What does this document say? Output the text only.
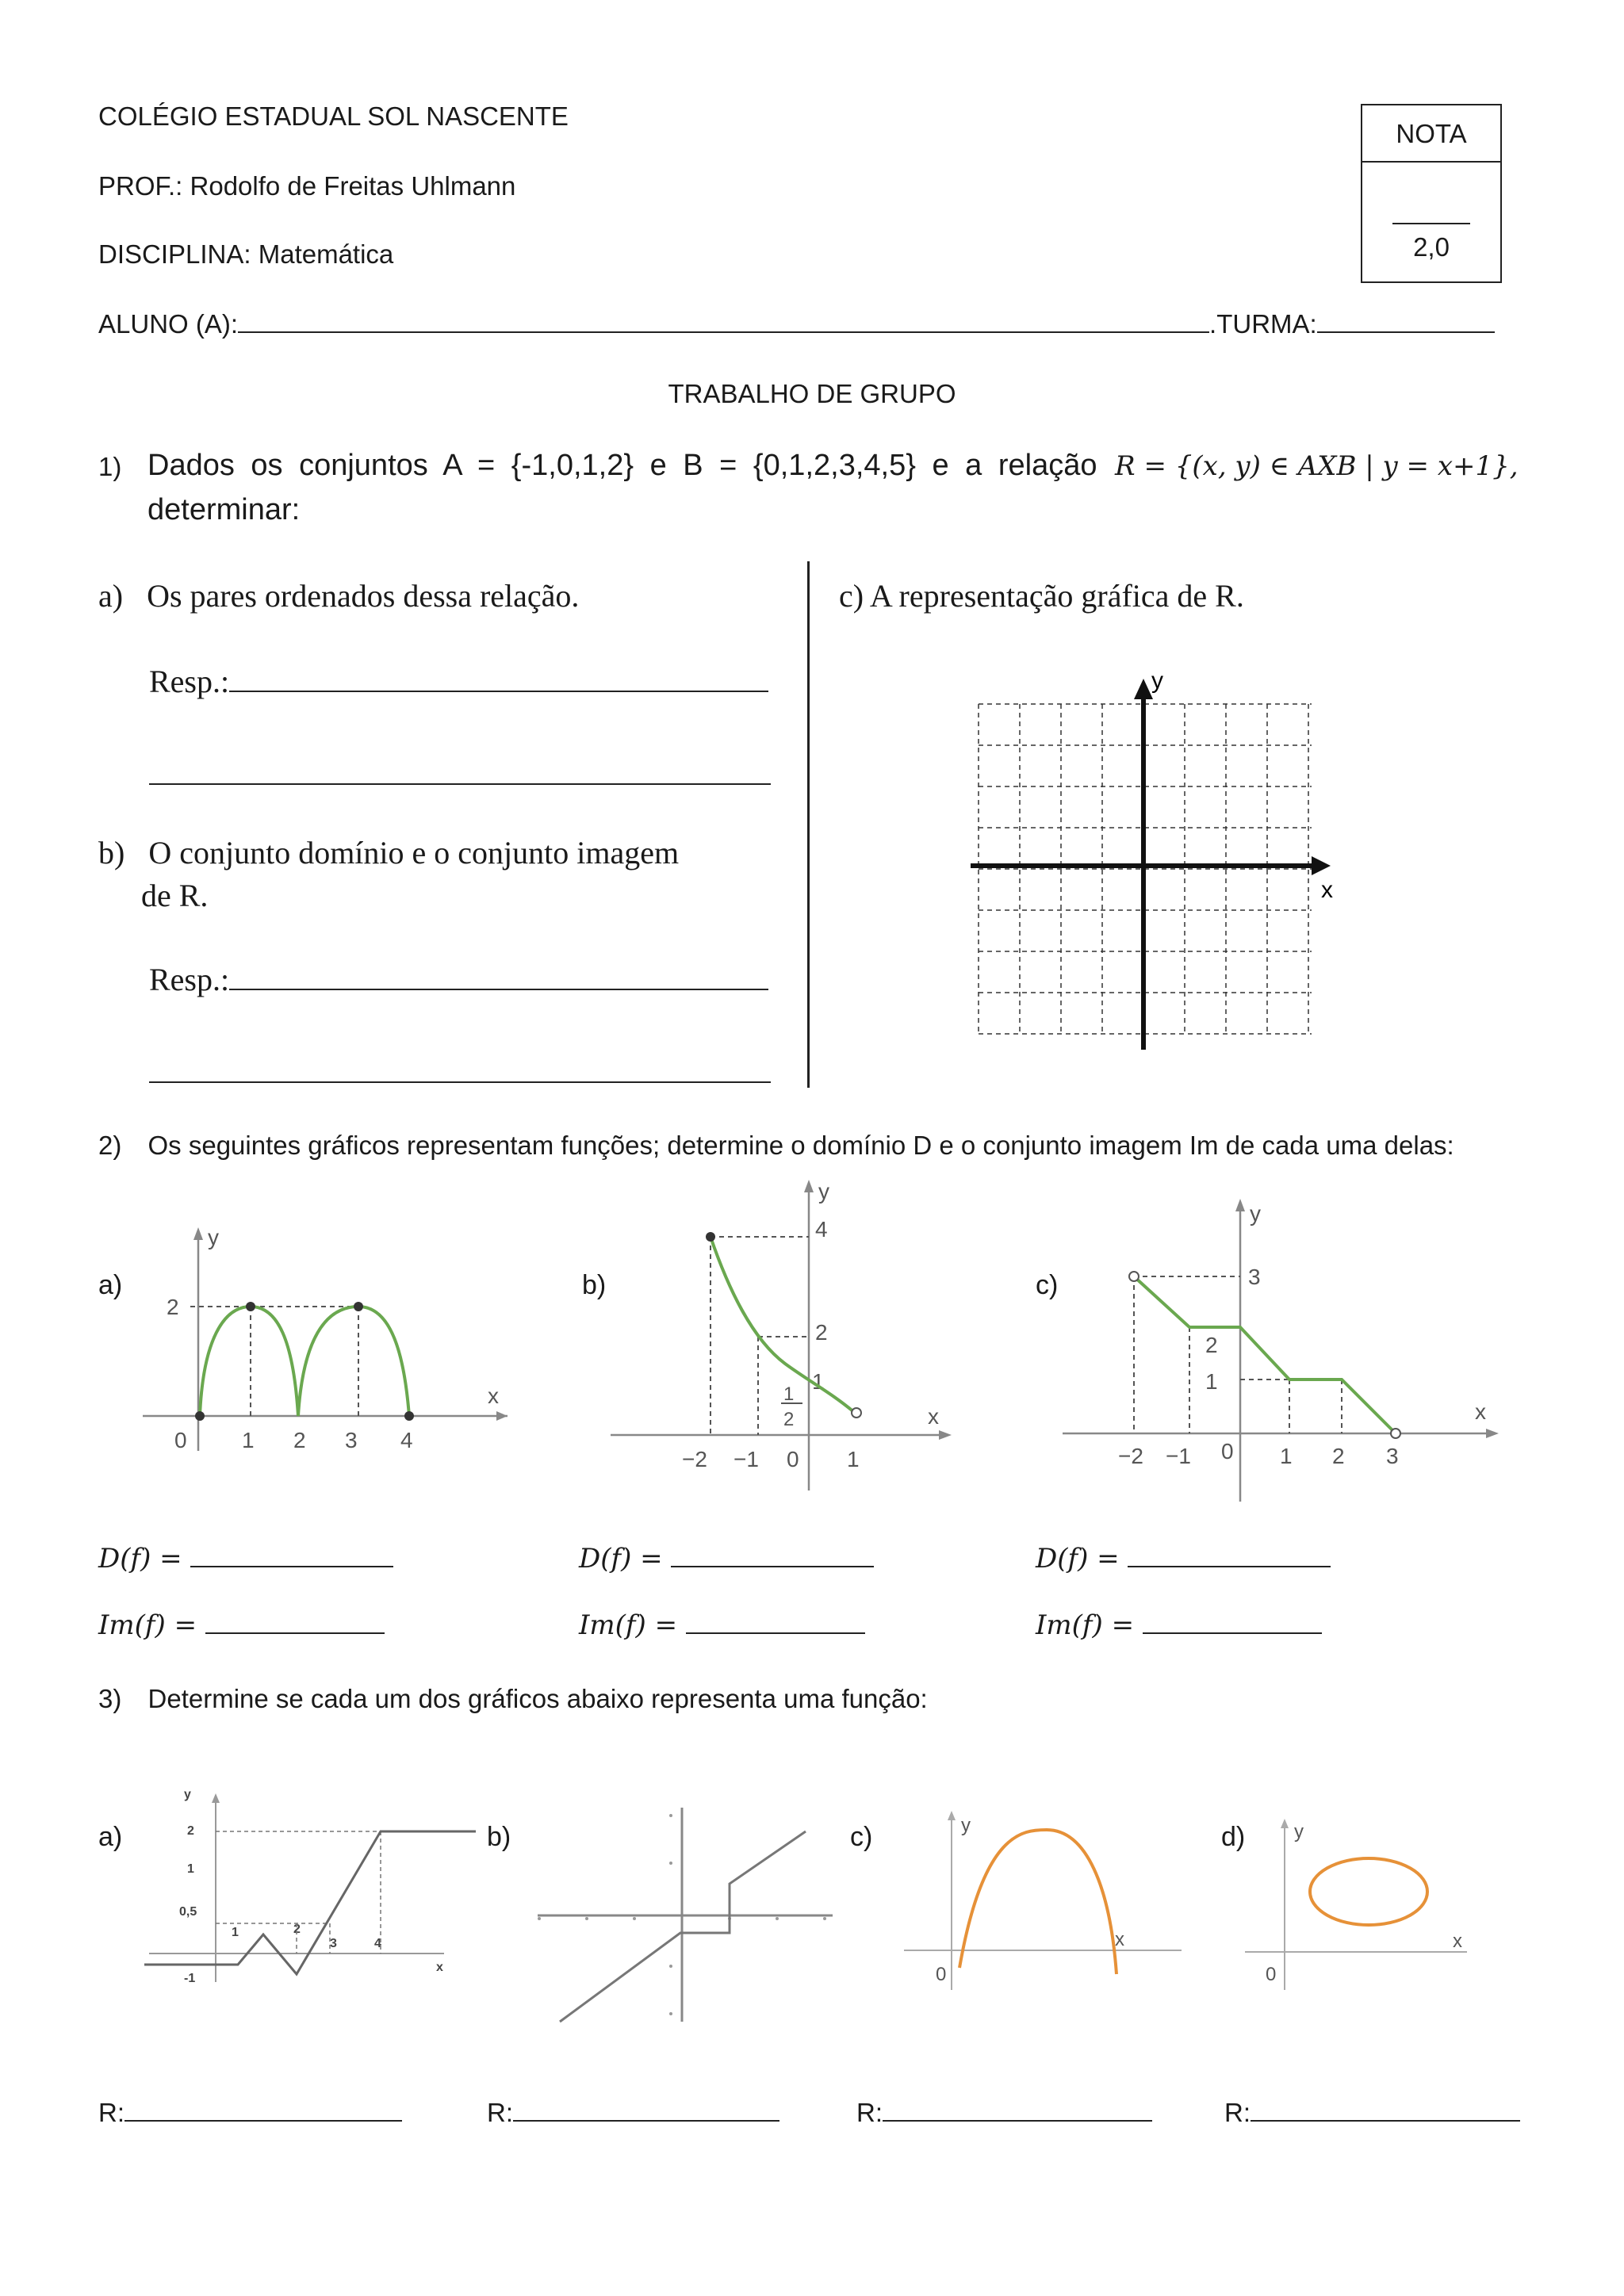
COLÉGIO ESTADUAL SOL NASCENTE
PROF.: Rodolfo de Freitas Uhlmann
DISCIPLINA: Matemática
NOTA
2,0
ALUNO (A):	.TURMA:
TRABALHO DE GRUPO
1) Dados os conjuntos A = {-1,0,1,2} e B = {0,1,2,3,4,5} e a relação R = {(x, y) ∈ AXB | y = x+1},
determinar:
a) Os pares ordenados dessa relação.
Resp.:
b) O conjunto domínio e o conjunto imagem
de R.
Resp.:
c) A representação gráfica de R.
y
x
2) Os seguintes gráficos representam funções; determine o domínio D e o conjunto imagem Im de cada uma delas:
a)	b)	c)
y
x
2
0 1 2 3 4
y
x
4
2
1
2
1
−2 −1 0 1
y
x
3
2
1
−2 −1 0 1 2 3
D(f) =
Im(f) =
D(f) =
Im(f) =
D(f) =
Im(f) =
3) Determine se cada um dos gráficos abaixo representa uma função:
a)	b)	c)	d)
y
x
2
1
0,5
-1
1	2
3	4
y
x
0
y
x
0
R:	R:	R:	R:
